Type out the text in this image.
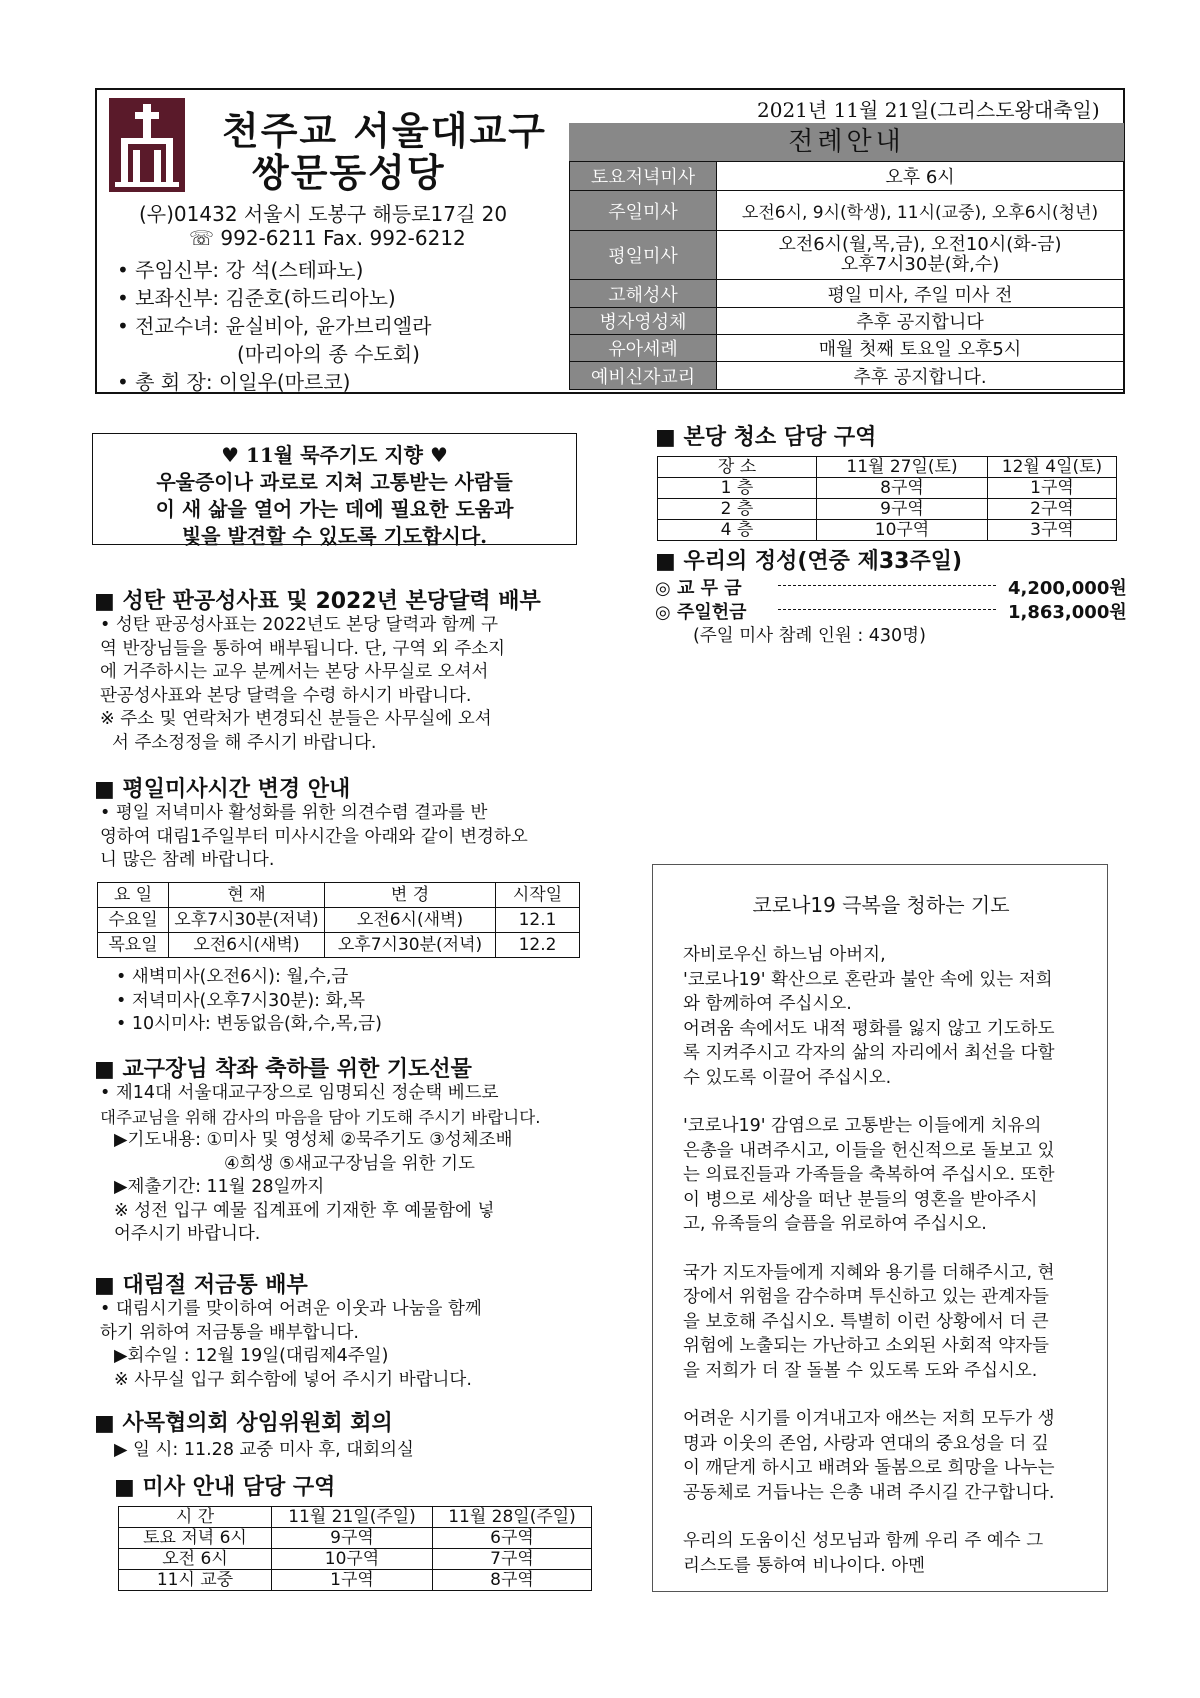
천주교 서울대교구
쌍문동성당
(우)01432 서울시 도봉구 해등로17길 20
☏ 992-6211 Fax. 992-6212
• 주임신부: 강 석(스테파노)
• 보좌신부: 김준호(하드리아노)
• 전교수녀: 윤실비아, 윤가브리엘라
(마리아의 종 수도회)
• 총 회 장: 이일우(마르코)
2021년 11월 21일(그리스도왕대축일)
전례안내
토요저녁미사	오후 6시
주일미사	오전6시, 9시(학생), 11시(교중), 오후6시(청년)
평일미사	오전6시(월,목,금), 오전10시(화-금)
오후7시30분(화,수)

고해성사	평일 미사, 주일 미사 전
병자영성체	추후 공지합니다
유아세례	매월 첫째 토요일 오후5시
예비신자교리	추후 공지합니다.
♥ 11월 묵주기도 지향 ♥
우울증이나 과로로 지쳐 고통받는 사람들
이 새 삶을 열어 가는 데에 필요한 도움과
빛을 발견할 수 있도록 기도합시다.
■ 성탄 판공성사표 및 2022년 본당달력 배부
• 성탄 판공성사표는 2022년도 본당 달력과 함께 구
역 반장님들을 통하여 배부됩니다. 단, 구역 외 주소지
에 거주하시는 교우 분께서는 본당 사무실로 오셔서
판공성사표와 본당 달력을 수령 하시기 바랍니다.
※ 주소 및 연락처가 변경되신 분들은 사무실에 오셔
서 주소정정을 해 주시기 바랍니다.
■ 평일미사시간 변경 안내
• 평일 저녁미사 활성화를 위한 의견수렴 결과를 반
영하여 대림1주일부터 미사시간을 아래와 같이 변경하오
니 많은 참례 바랍니다.
요 일	현 재	변 경	시작일
수요일	오후7시30분(저녁)	오전6시(새벽)	12.1
목요일	오전6시(새벽)	오후7시30분(저녁)	12.2
• 새벽미사(오전6시): 월,수,금
• 저녁미사(오후7시30분): 화,목
• 10시미사: 변동없음(화,수,목,금)
■ 교구장님 착좌 축하를 위한 기도선물
• 제14대 서울대교구장으로 임명되신 정순택 베드로
대주교님을 위해 감사의 마음을 담아 기도해 주시기 바랍니다.
▶기도내용: ①미사 및 영성체 ②묵주기도 ③성체조배
④희생 ⑤새교구장님을 위한 기도
▶제출기간: 11월 28일까지
※ 성전 입구 예물 집계표에 기재한 후 예물함에 넣
어주시기 바랍니다.
■ 대림절 저금통 배부
• 대림시기를 맞이하여 어려운 이웃과 나눔을 함께
하기 위하여 저금통을 배부합니다.
▶회수일 : 12월 19일(대림제4주일)
※ 사무실 입구 회수함에 넣어 주시기 바랍니다.
■ 사목협의회 상임위원회 회의
▶ 일 시: 11.28 교중 미사 후, 대회의실
■ 미사 안내 담당 구역
시 간	11월 21일(주일)	11월 28일(주일)
토요 저녁 6시	9구역	6구역
오전 6시	10구역	7구역
11시 교중	1구역	8구역
■ 본당 청소 담당 구역
장 소	11월 27일(토)	12월 4일(토)
1 층	8구역	1구역
2 층	9구역	2구역
4 층	10구역	3구역
■ 우리의 정성(연중 제33주일)
◎ 교 무 금	4,200,000원
◎ 주일헌금	1,863,000원
(주일 미사 참례 인원 : 430명)
코로나19 극복을 청하는 기도
자비로우신 하느님 아버지,
'코로나19' 확산으로 혼란과 불안 속에 있는 저희
와 함께하여 주십시오.
어려움 속에서도 내적 평화를 잃지 않고 기도하도
록 지켜주시고 각자의 삶의 자리에서 최선을 다할
수 있도록 이끌어 주십시오.
'코로나19' 감염으로 고통받는 이들에게 치유의
은총을 내려주시고, 이들을 헌신적으로 돌보고 있
는 의료진들과 가족들을 축복하여 주십시오. 또한
이 병으로 세상을 떠난 분들의 영혼을 받아주시
고, 유족들의 슬픔을 위로하여 주십시오.
국가 지도자들에게 지혜와 용기를 더해주시고, 현
장에서 위험을 감수하며 투신하고 있는 관계자들
을 보호해 주십시오. 특별히 이런 상황에서 더 큰
위험에 노출되는 가난하고 소외된 사회적 약자들
을 저희가 더 잘 돌볼 수 있도록 도와 주십시오.
어려운 시기를 이겨내고자 애쓰는 저희 모두가 생
명과 이웃의 존엄, 사랑과 연대의 중요성을 더 깊
이 깨닫게 하시고 배려와 돌봄으로 희망을 나누는
공동체로 거듭나는 은총 내려 주시길 간구합니다.
우리의 도움이신 성모님과 함께 우리 주 예수 그
리스도를 통하여 비나이다. 아멘
